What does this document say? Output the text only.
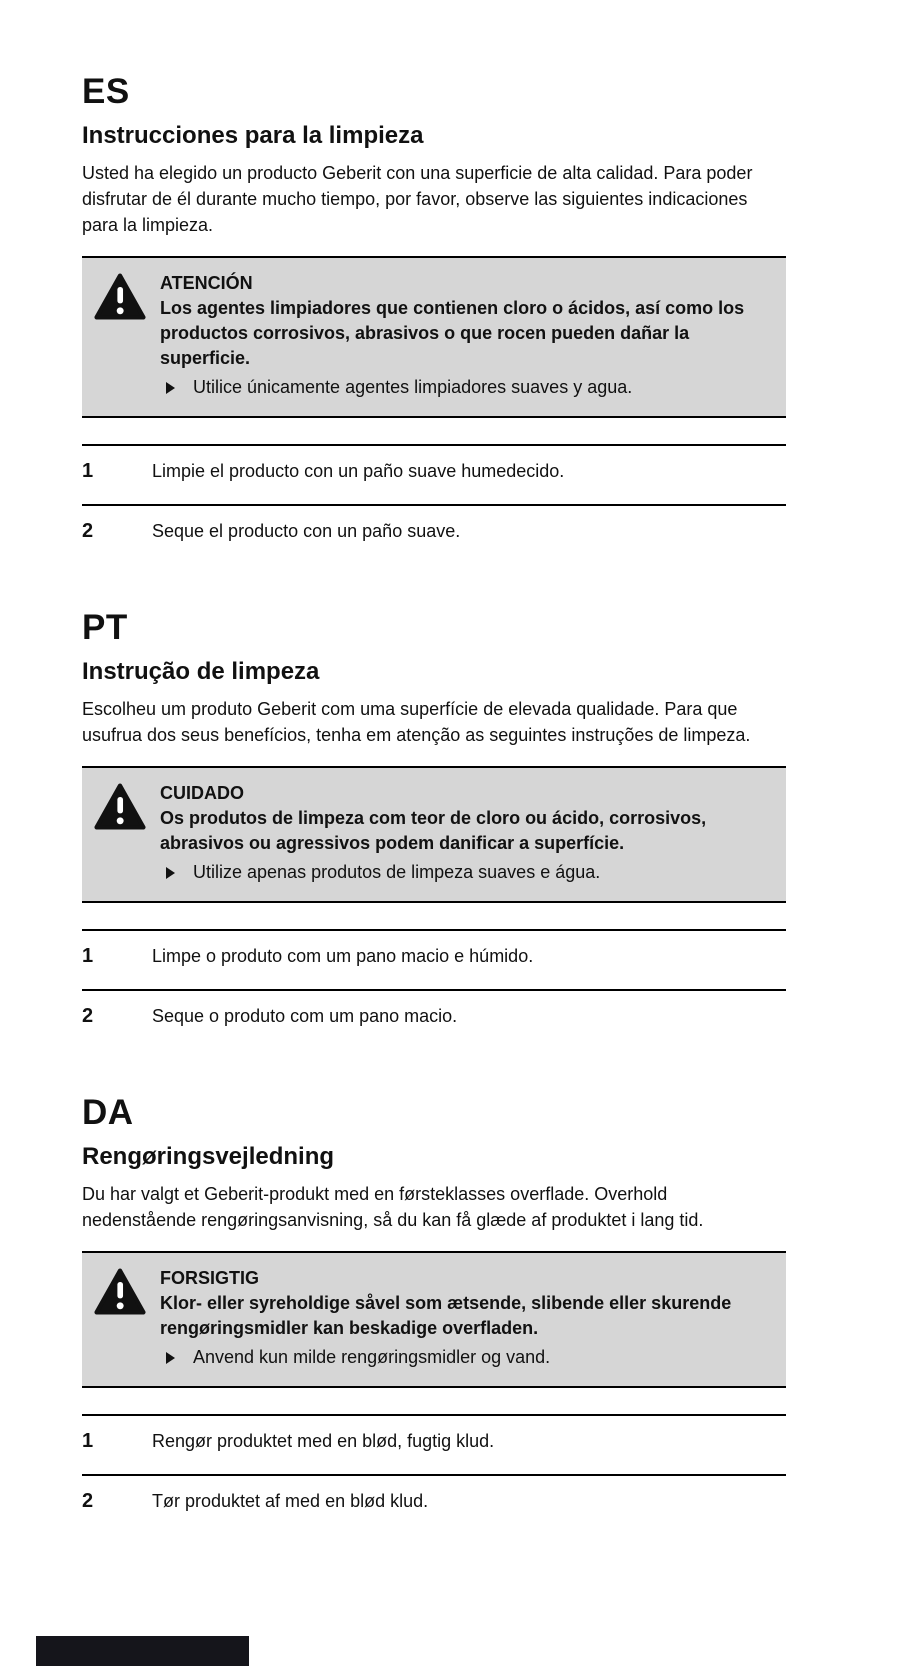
ES
Instrucciones para la limpieza

Usted ha elegido un producto Geberit con una superficie de alta calidad. Para poder disfrutar de él durante mucho tiempo, por favor, observe las siguientes indicaciones para la limpieza.

ATENCIÓN
Los agentes limpiadores que contienen cloro o ácidos, así como los productos corrosivos, abrasivos o que rocen pueden dañar la superficie.
Utilice únicamente agentes limpiadores suaves y agua.
1	Limpie el producto con un paño suave humedecido.
2	Seque el producto con un paño suave.
PT
Instrução de limpeza

Escolheu um produto Geberit com uma superfície de elevada qualidade. Para que usufrua dos seus benefícios, tenha em atenção as seguintes instruções de limpeza.

CUIDADO
Os produtos de limpeza com teor de cloro ou ácido, corrosivos, abrasivos ou agressivos podem danificar a superfície.
Utilize apenas produtos de limpeza suaves e água.
1	Limpe o produto com um pano macio e húmido.
2	Seque o produto com um pano macio.
DA
Rengøringsvejledning

Du har valgt et Geberit-produkt med en førsteklasses overflade. Overhold nedenstående rengøringsanvisning, så du kan få glæde af produktet i lang tid.

FORSIGTIG
Klor- eller syreholdige såvel som ætsende, slibende eller skurende rengøringsmidler kan beskadige overfladen.
Anvend kun milde rengøringsmidler og vand.
1	Rengør produktet med en blød, fugtig klud.
2	Tør produktet af med en blød klud.
